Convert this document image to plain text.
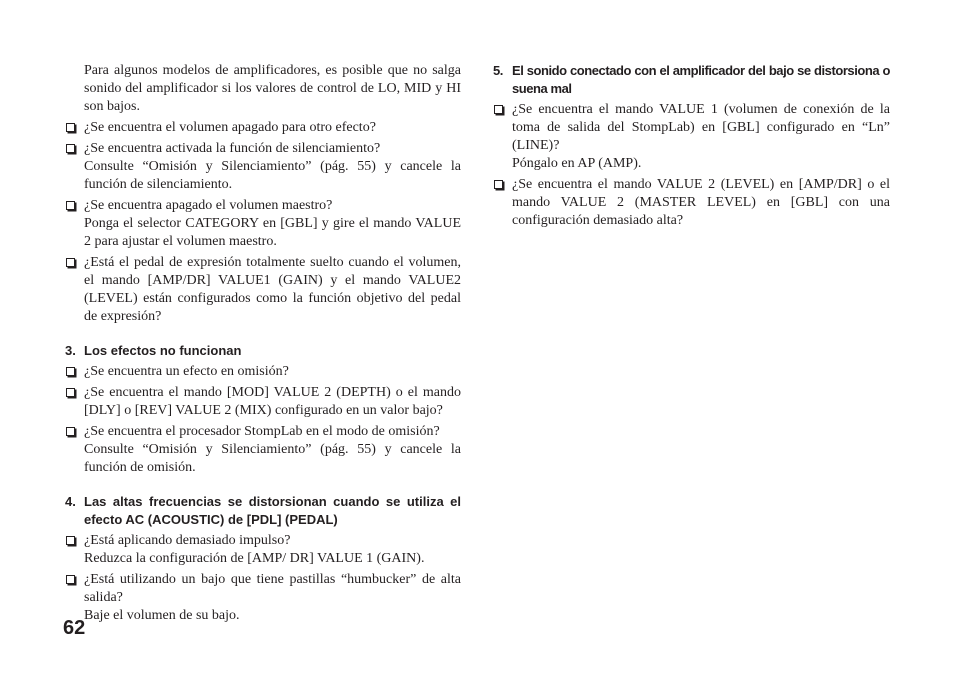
Para algunos modelos de amplificadores, es posible que no salga sonido del amplificador si los valores de control de LO, MID y HI son bajos.

¿Se encuentra el volumen apagado para otro efecto?

¿Se encuentra activada la función de silenciamiento?

Consulte “Omisión y Silenciamiento” (pág. 55) y cancele la función de silenciamiento.

¿Se encuentra apagado el volumen maestro?

Ponga el selector CATEGORY en [GBL] y gire el mando VALUE 2 para ajustar el volumen maestro.

¿Está el pedal de expresión totalmente suelto cuando el volumen, el mando [AMP/DR] VALUE1 (GAIN) y el mando VALUE2 (LEVEL) están configurados como la función objetivo del pedal de expresión?

3. Los efectos no funcionan

¿Se encuentra un efecto en omisión?

¿Se encuentra el mando [MOD] VALUE 2 (DEPTH) o el mando [DLY] o [REV] VALUE 2 (MIX) configurado en un valor bajo?

¿Se encuentra el procesador StompLab en el modo de omisión?

Consulte “Omisión y Silenciamiento” (pág. 55) y cancele la función de omisión.

4. Las altas frecuencias se distorsionan cuando se utiliza el efecto AC (ACOUSTIC) de [PDL] (PEDAL)

¿Está aplicando demasiado impulso?

Reduzca la configuración de [AMP/ DR] VALUE 1 (GAIN).

¿Está utilizando un bajo que tiene pastillas “humbucker” de alta salida?

Baje el volumen de su bajo.

5. El sonido conectado con el amplificador del bajo se distorsiona o suena mal

¿Se encuentra el mando VALUE 1 (volumen de conexión de la toma de salida del StompLab) en [GBL] configurado en “Ln” (LINE)?

Póngalo en AP (AMP).

¿Se encuentra el mando VALUE 2 (LEVEL) en [AMP/DR] o el mando VALUE 2 (MASTER LEVEL) en [GBL] con una configuración demasiado alta?

62
